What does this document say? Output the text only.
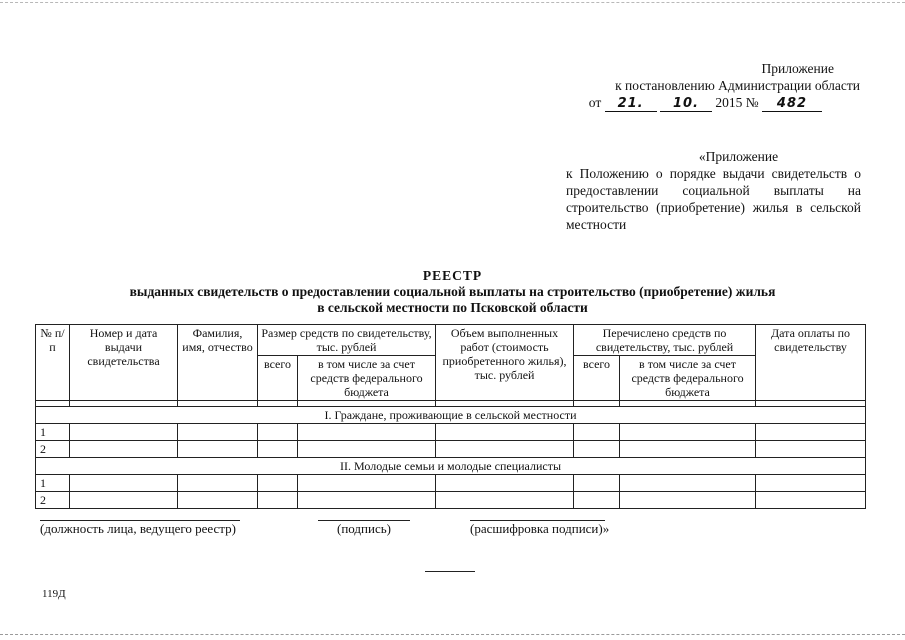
Приложение
к постановлению Администрации области
от 21. 10. 2015 № 482
«Приложение
к Положению о порядке выдачи свидетельств о предоставлении социальной выплаты на строительство (приобретение) жилья в сельской местности
РЕЕСТР
выданных свидетельств о предоставлении социальной выплаты на строительство (приобретение) жилья
в сельской местности по Псковской области
№ п/п	Номер и дата выдачи свидетельства	Фамилия, имя, отчество	Размер средств по свидетельству, тыс. рублей		Объем выполненных работ (стоимость приобретенного жилья), тыс. рублей	Перечислено средств по свидетельству, тыс. рублей		Дата оплаты по свидетельству
			всего	в том числе за счет средств федерального бюджета		всего	в том числе за счет средств федерального бюджета	

I. Граждане, проживающие в сельской местности								
1								
2								
II. Молодые семьи и молодые специалисты								
1								
2								
(должность лица, ведущего реестр)	(подпись)	(расшифровка подписи)»
119Д
